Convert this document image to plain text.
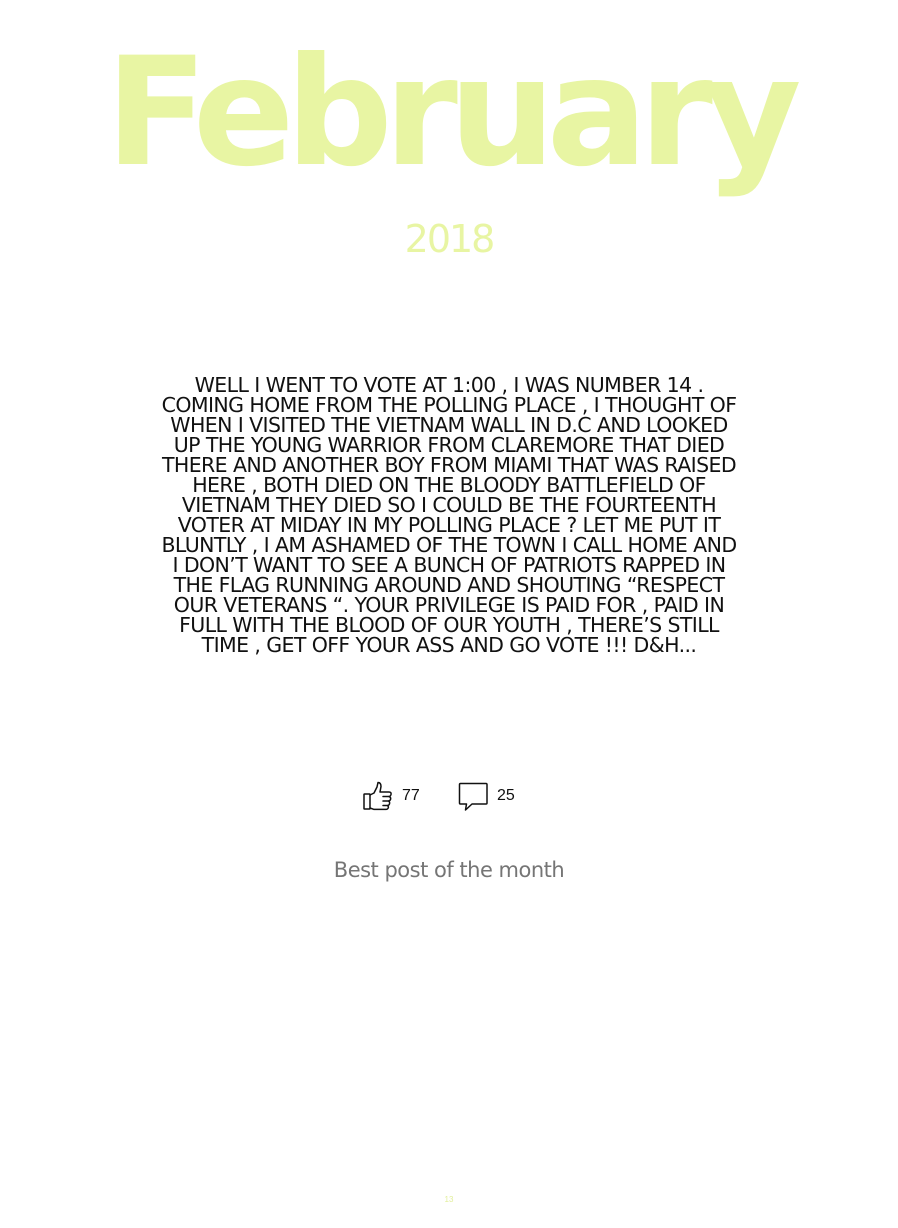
February
2018

WELL I WENT TO VOTE AT 1:00 , I WAS NUMBER 14 . COMING HOME FROM THE POLLING PLACE , I THOUGHT OF WHEN I VISITED THE VIETNAM WALL IN D.C AND LOOKED UP THE YOUNG WARRIOR FROM CLAREMORE THAT DIED THERE AND ANOTHER BOY FROM MIAMI THAT WAS RAISED HERE , BOTH DIED ON THE BLOODY BATTLEFIELD OF VIETNAM THEY DIED SO I COULD BE THE FOURTEENTH VOTER AT MIDAY IN MY POLLING PLACE ? LET ME PUT IT BLUNTLY , I AM ASHAMED OF THE TOWN I CALL HOME AND I DON’T WANT TO SEE A BUNCH OF PATRIOTS RAPPED IN THE FLAG RUNNING AROUND AND SHOUTING “RESPECT OUR VETERANS “. YOUR PRIVILEGE IS PAID FOR , PAID IN FULL WITH THE BLOOD OF OUR YOUTH , THERE’S STILL TIME , GET OFF YOUR ASS AND GO VOTE !!! D&H...

77	25
Best post of the month
13
